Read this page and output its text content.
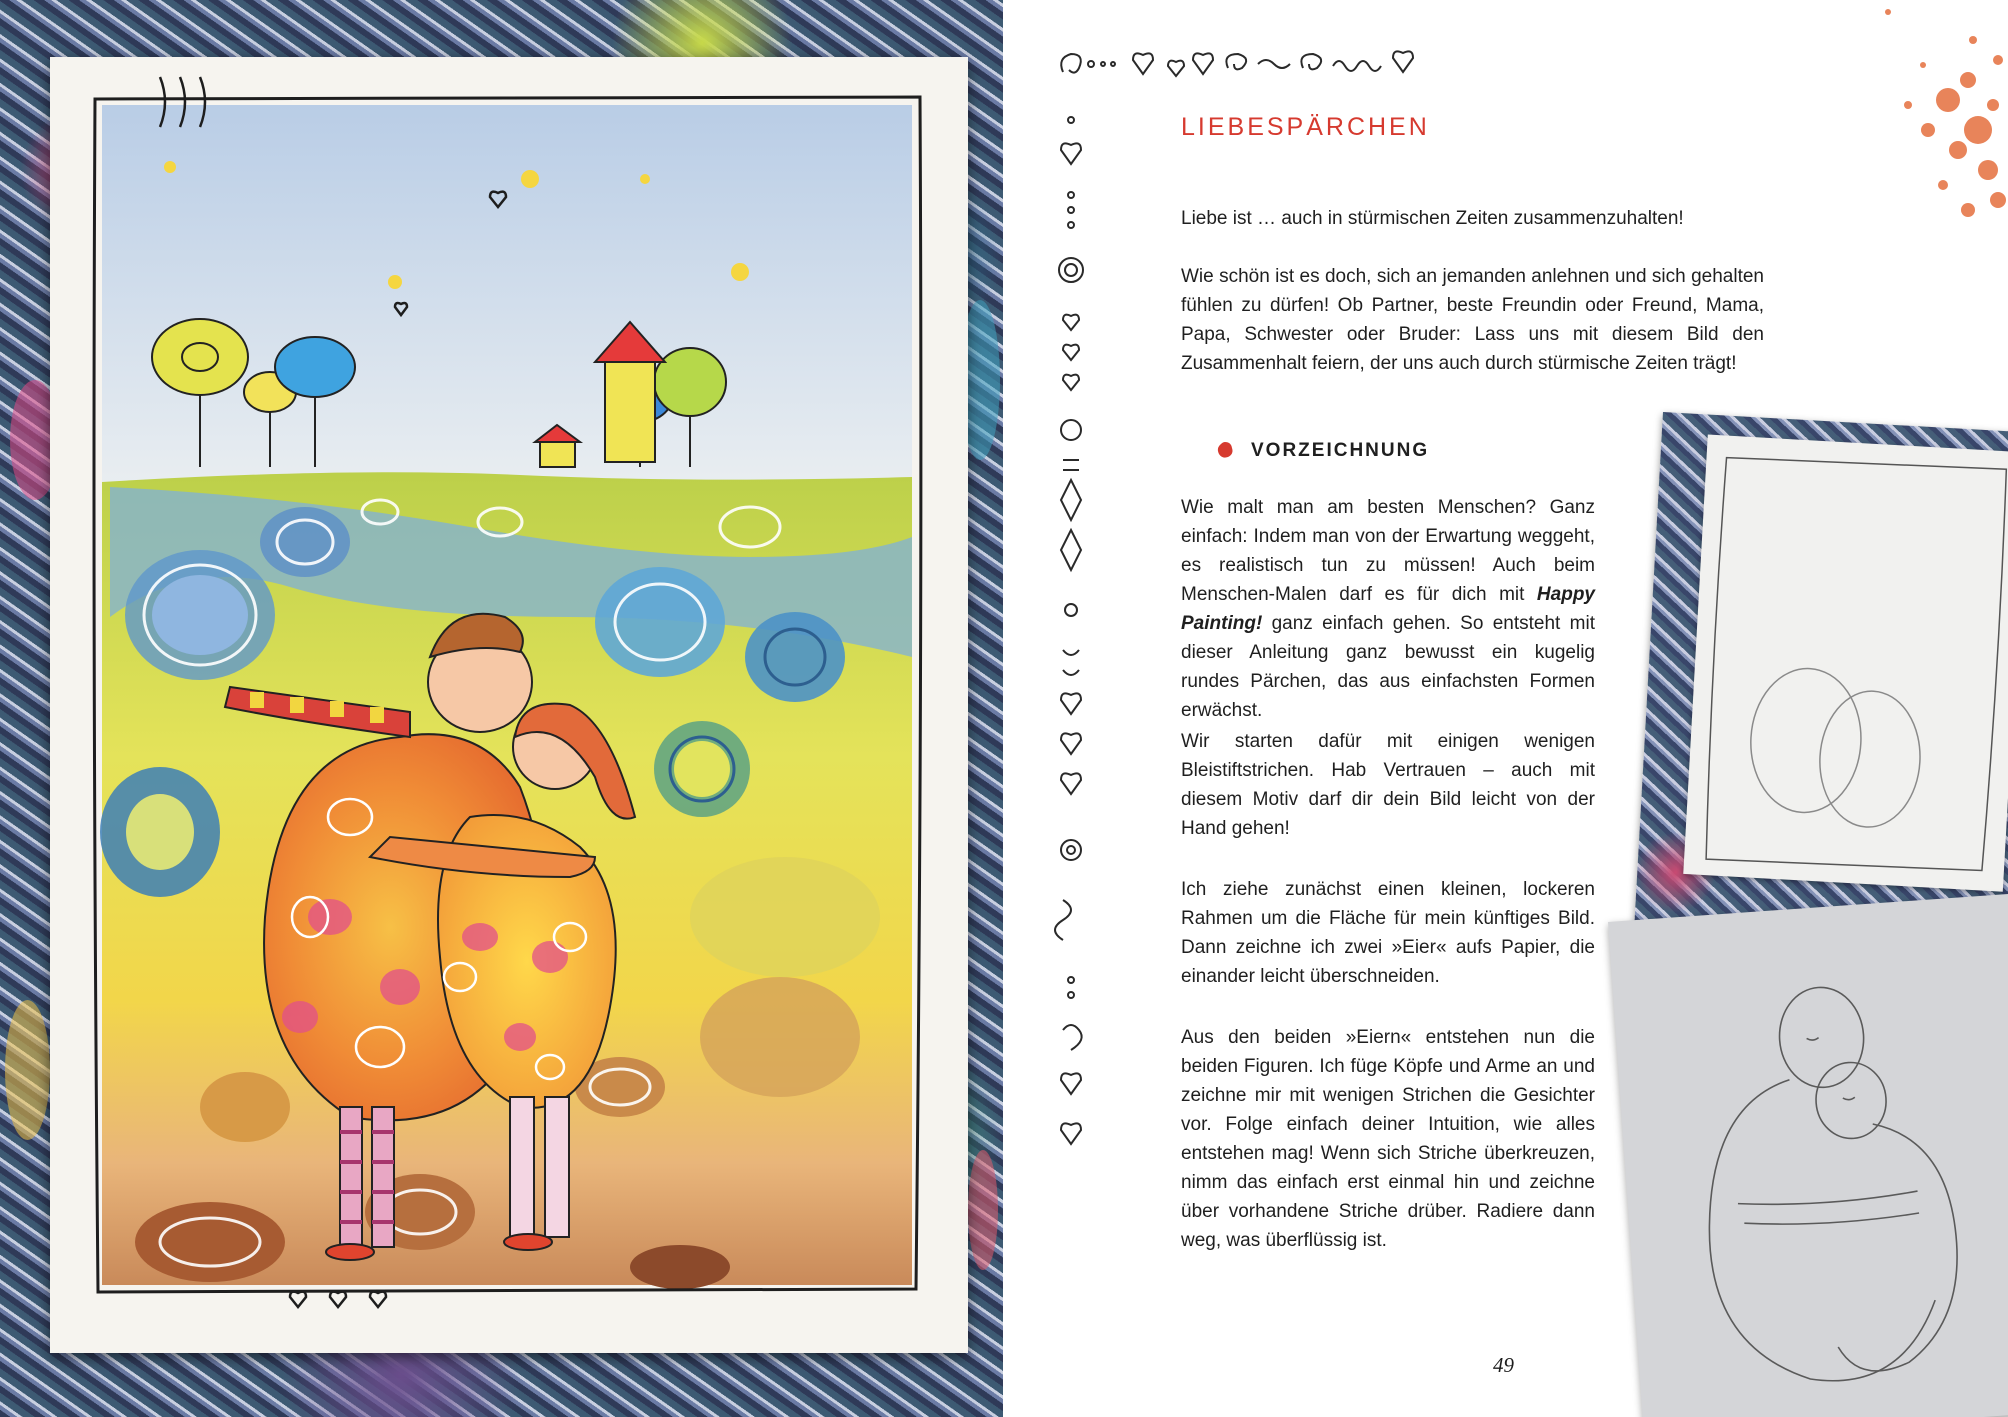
LIEBESPÄRCHEN
Liebe ist … auch in stürmischen Zeiten zusammenzuhalten!
Wie schön ist es doch, sich an jemanden anlehnen und sich gehalten fühlen zu dürfen! Ob Partner, beste Freundin oder Freund, Mama, Papa, Schwester oder Bruder: Lass uns mit diesem Bild den Zusammenhalt feiern, der uns auch durch stürmische Zeiten trägt!
VORZEICHNUNG
Wie malt man am besten Menschen? Ganz einfach: Indem man von der Erwartung weggeht, es realistisch tun zu müssen! Auch beim Menschen-Malen darf es für dich mit Happy Painting! ganz einfach gehen. So entsteht mit dieser Anleitung ganz bewusst ein kugelig rundes Pärchen, das aus einfachsten Formen erwächst.
Wir starten dafür mit einigen wenigen Bleistiftstrichen. Hab Vertrauen – auch mit diesem Motiv darf dir dein Bild leicht von der Hand gehen!
Ich ziehe zunächst einen kleinen, lockeren Rahmen um die Fläche für mein künftiges Bild. Dann zeichne ich zwei »Eier« aufs Papier, die einander leicht überschneiden.
Aus den beiden »Eiern« entstehen nun die beiden Figuren. Ich füge Köpfe und Arme an und zeichne mir mit wenigen Strichen die Gesichter vor. Folge einfach deiner Intuition, wie alles entstehen mag! Wenn sich Striche überkreuzen, nimm das einfach erst einmal hin und zeichne über vorhandene Striche drüber. Radiere dann weg, was überflüssig ist.
49
